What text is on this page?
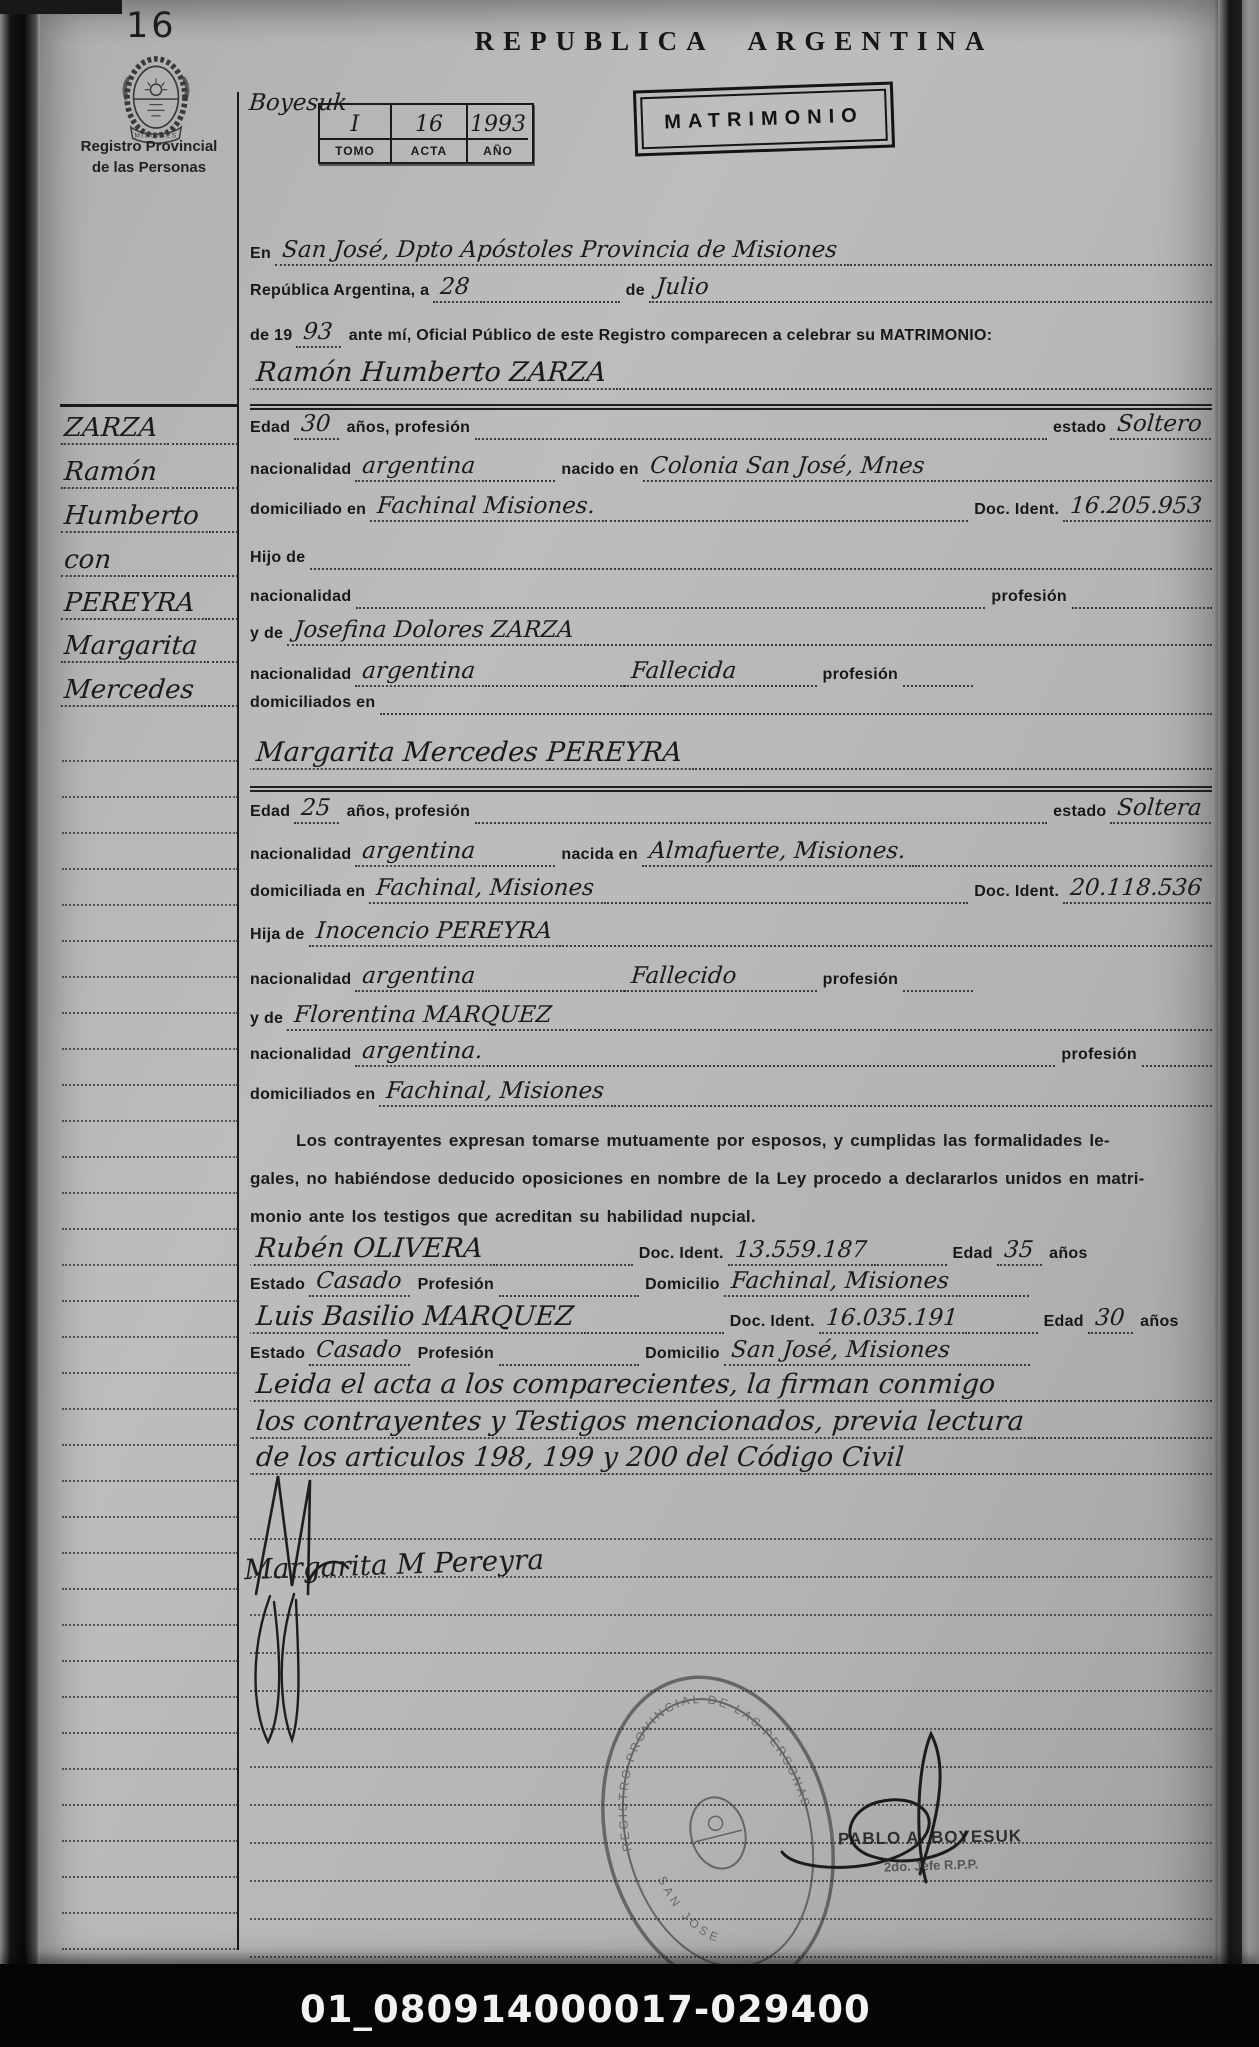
16
MISIONES
Registro Provincial
de las Personas
Boyesuk
REPUBLICA ARGENTINA
I	16	1993
TOMO	ACTA	AÑO
MATRIMONIO
ZARZA
Ramón
Humberto
con
PEREYRA
Margarita
Mercedes
En San José, Dpto Apóstoles Provincia de Misiones
República Argentina, a 28	de Julio
de 19 93 ante mí, Oficial Público de este Registro comparecen a celebrar su MATRIMONIO:
Ramón Humberto ZARZA
Edad 30 años, profesión	estado Soltero
nacionalidad argentina	nacido en Colonia San José, Mnes
domiciliado en Fachinal Misiones.	Doc. Ident. 16.205.953
Hijo de
nacionalidad	profesión
y de Josefina Dolores ZARZA
nacionalidad argentina	Fallecida	profesión
domiciliados en
Margarita Mercedes PEREYRA
Edad 25 años, profesión	estado Soltera
nacionalidad argentina	nacida en Almafuerte, Misiones.
domiciliada en Fachinal, Misiones	Doc. Ident. 20.118.536
Hija de Inocencio PEREYRA
nacionalidad argentina	Fallecido	profesión
y de Florentina MARQUEZ
nacionalidad argentina.	profesión
domiciliados en Fachinal, Misiones
Los contrayentes expresan tomarse mutuamente por esposos, y cumplidas las formalidades le-
gales, no habiéndose deducido oposiciones en nombre de la Ley procedo a declararlos unidos en matri-
monio ante los testigos que acreditan su habilidad nupcial.
Rubén OLIVERA	Doc. Ident. 13.559.187	Edad 35 años
Estado Casado Profesión	Domicilio Fachinal, Misiones
Luis Basilio MARQUEZ	Doc. Ident. 16.035.191	Edad 30 años
Estado Casado Profesión	Domicilio San José, Misiones
Leida el acta a los comparecientes, la firman conmigo
los contrayentes y Testigos mencionados, previa lectura
de los articulos 198, 199 y 200 del Código Civil
Margarita M Pereyra
REGISTRO PROVINCIAL DE LAS PERSONAS
SAN JOSE
PABLO A. BOYESUK
2do. Jefe R.P.P.
01_080914000017-029400
